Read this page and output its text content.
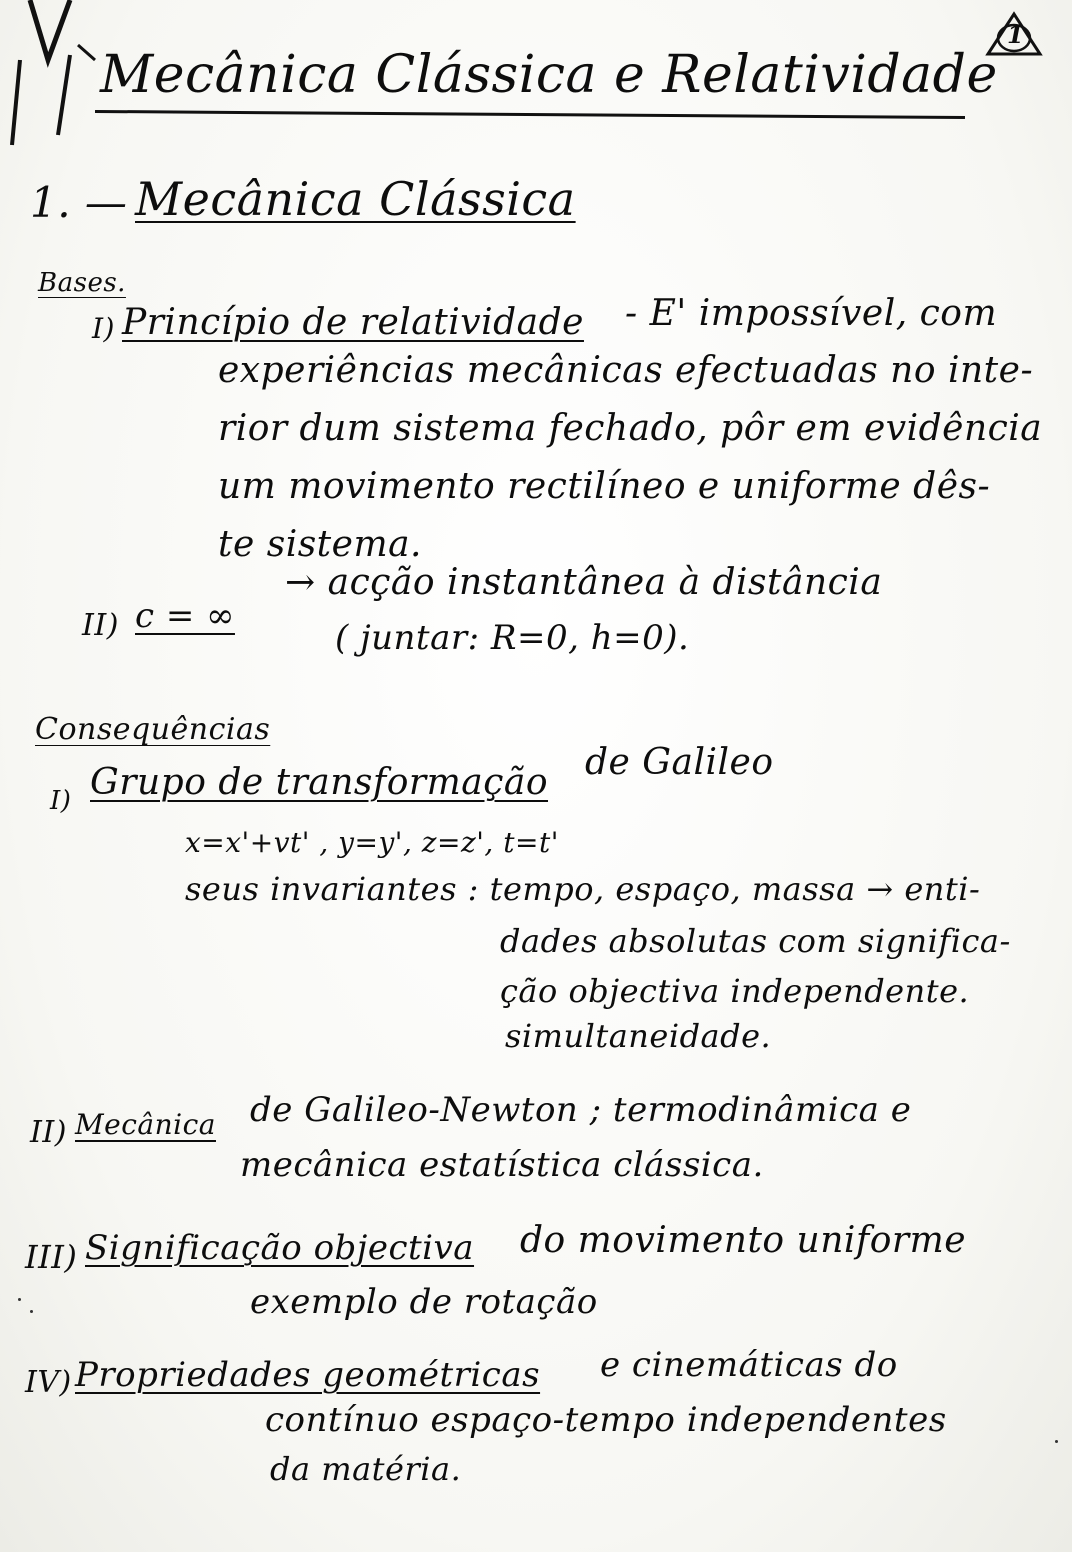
1
Mecânica Clássica e Relatividade
1. — Mecânica Clássica
Bases.
I) Princípio de relatividade - E' impossível, com
experiências mecânicas efectuadas no inte-
rior dum sistema fechado, pôr em evidência
um movimento rectilíneo e uniforme dês-
te sistema.
II) c = ∞
→ acção instantânea à distância
( juntar: R=0, h=0).
Consequências
I) Grupo de transformação de Galileo
x=x'+vt' , y=y', z=z', t=t'
seus invariantes : tempo, espaço, massa → enti-
dades absolutas com significa-
ção objectiva independente.
simultaneidade.
II) Mecânica de Galileo-Newton ; termodinâmica e
mecânica estatística clássica.
III) Significação objectiva do movimento uniforme
exemplo de rotação
IV) Propriedades geométricas e cinemáticas do
contínuo espaço-tempo independentes
da matéria.
